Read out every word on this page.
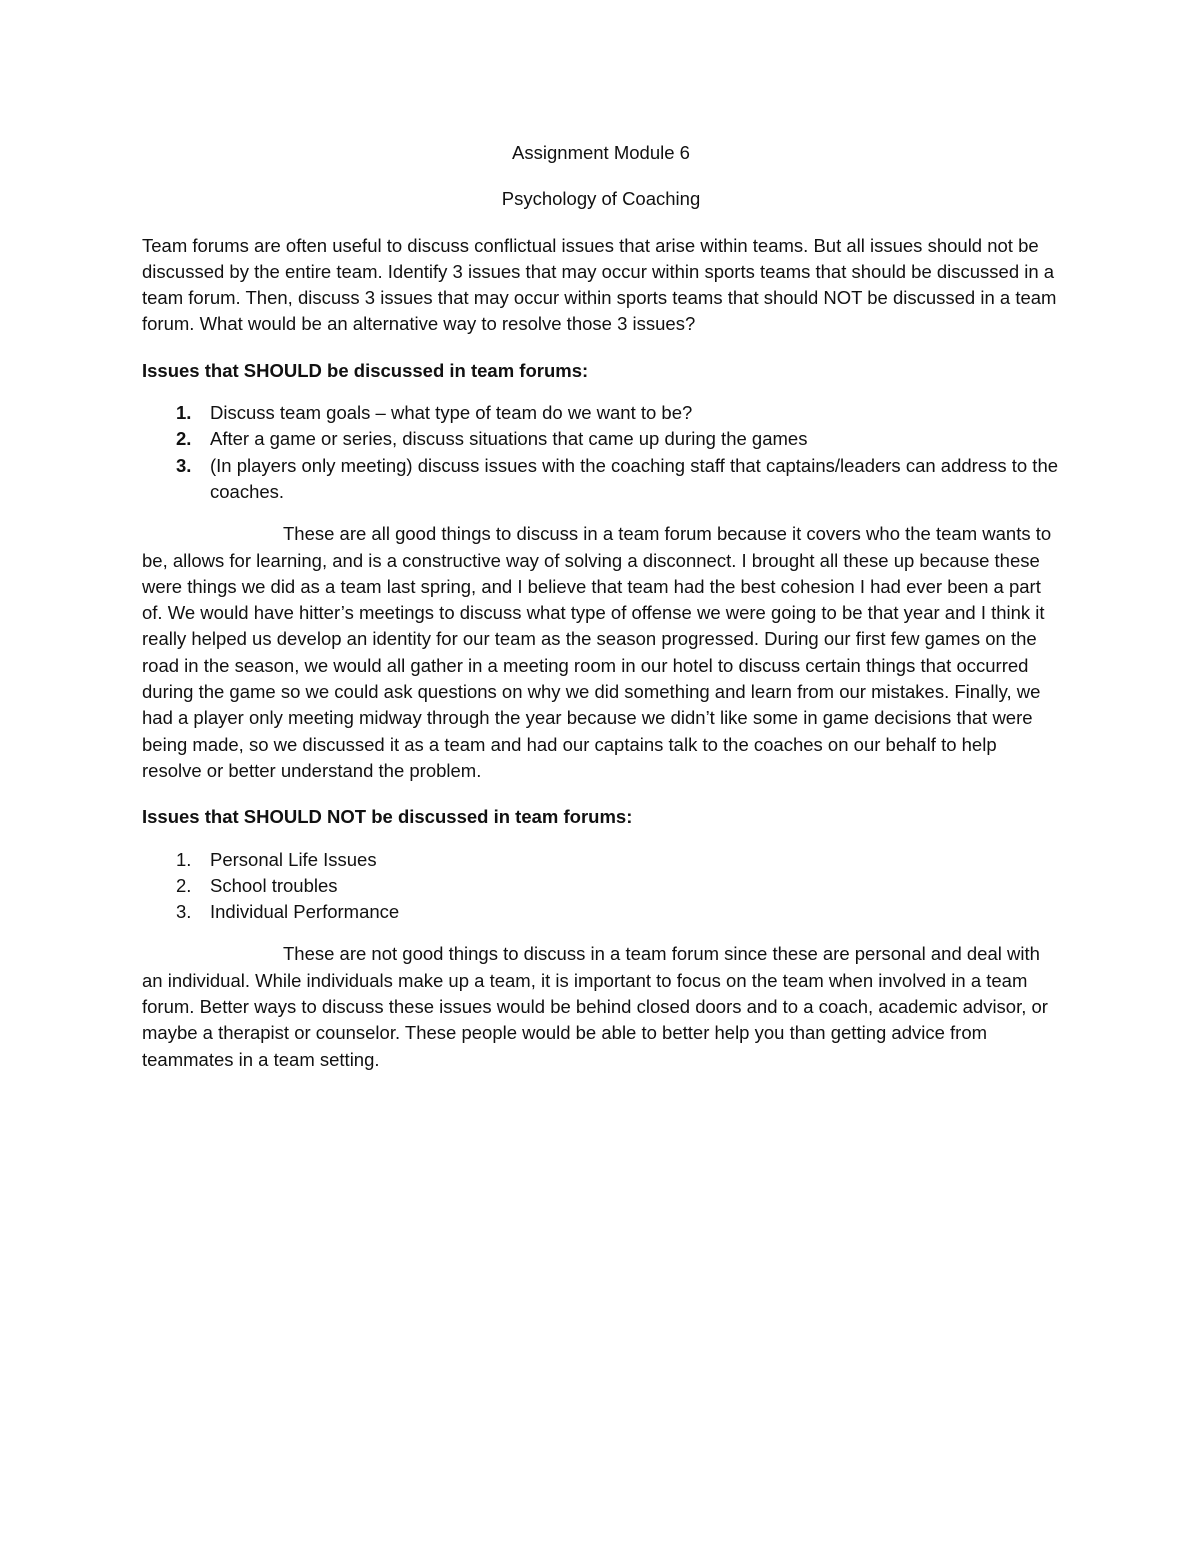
Assignment Module 6

Psychology of Coaching

Team forums are often useful to discuss conflictual issues that arise within teams. But all issues should not be discussed by the entire team. Identify 3 issues that may occur within sports teams that should be discussed in a team forum. Then, discuss 3 issues that may occur within sports teams that should NOT be discussed in a team forum. What would be an alternative way to resolve those 3 issues?

Issues that SHOULD be discussed in team forums:

1.	Discuss team goals – what type of team do we want to be?
2.	After a game or series, discuss situations that came up during the games
3.	(In players only meeting) discuss issues with the coaching staff that captains/leaders can address to the coaches.

These are all good things to discuss in a team forum because it covers who the team wants to be, allows for learning, and is a constructive way of solving a disconnect. I brought all these up because these were things we did as a team last spring, and I believe that team had the best cohesion I had ever been a part of. We would have hitter’s meetings to discuss what type of offense we were going to be that year and I think it really helped us develop an identity for our team as the season progressed. During our first few games on the road in the season, we would all gather in a meeting room in our hotel to discuss certain things that occurred during the game so we could ask questions on why we did something and learn from our mistakes. Finally, we had a player only meeting midway through the year because we didn’t like some in game decisions that were being made, so we discussed it as a team and had our captains talk to the coaches on our behalf to help resolve or better understand the problem.

Issues that SHOULD NOT be discussed in team forums:

1.	Personal Life Issues
2.	School troubles
3.	Individual Performance

These are not good things to discuss in a team forum since these are personal and deal with an individual. While individuals make up a team, it is important to focus on the team when involved in a team forum. Better ways to discuss these issues would be behind closed doors and to a coach, academic advisor, or maybe a therapist or counselor. These people would be able to better help you than getting advice from teammates in a team setting.
